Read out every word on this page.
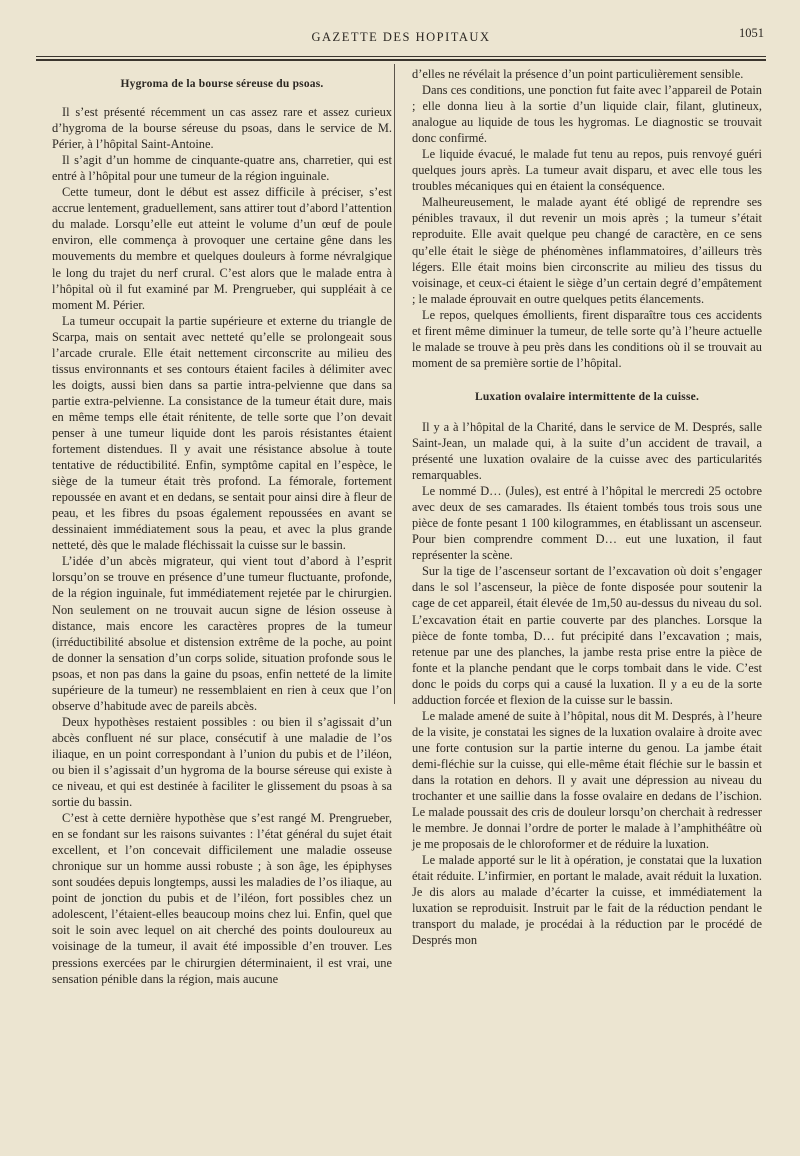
GAZETTE DES HOPITAUX	1051
Hygroma de la bourse séreuse du psoas.

Il s’est présenté récemment un cas assez rare et assez curieux d’hygroma de la bourse séreuse du psoas, dans le service de M. Périer, à l’hôpital Saint-Antoine.

Il s’agit d’un homme de cinquante-quatre ans, charretier, qui est entré à l’hôpital pour une tumeur de la région inguinale.

Cette tumeur, dont le début est assez difficile à préciser, s’est accrue lentement, graduellement, sans attirer tout d’abord l’attention du malade. Lorsqu’elle eut atteint le volume d’un œuf de poule environ, elle commença à provoquer une certaine gêne dans les mouvements du membre et quelques douleurs à forme névralgique le long du trajet du nerf crural. C’est alors que le malade entra à l’hôpital où il fut examiné par M. Prengrueber, qui suppléait à ce moment M. Périer.

La tumeur occupait la partie supérieure et externe du triangle de Scarpa, mais on sentait avec netteté qu’elle se prolongeait sous l’arcade crurale. Elle était nettement circonscrite au milieu des tissus environnants et ses contours étaient faciles à délimiter avec les doigts, aussi bien dans sa partie intra-pelvienne que dans sa partie extra-pelvienne. La consistance de la tumeur était dure, mais en même temps elle était rénitente, de telle sorte que l’on devait penser à une tumeur liquide dont les parois résistantes étaient fortement distendues. Il y avait une résistance absolue à toute tentative de réductibilité. Enfin, symptôme capital en l’espèce, le siège de la tumeur était très profond. La fémorale, fortement repoussée en avant et en dedans, se sentait pour ainsi dire à fleur de peau, et les fibres du psoas également repoussées en avant se dessinaient immédiatement sous la peau, et avec la plus grande netteté, dès que le malade fléchissait la cuisse sur le bassin.

L’idée d’un abcès migrateur, qui vient tout d’abord à l’esprit lorsqu’on se trouve en présence d’une tumeur fluctuante, profonde, de la région inguinale, fut immédiatement rejetée par le chirurgien. Non seulement on ne trouvait aucun signe de lésion osseuse à distance, mais encore les caractères propres de la tumeur (irréductibilité absolue et distension extrême de la poche, au point de donner la sensation d’un corps solide, situation profonde sous le psoas, et non pas dans la gaine du psoas, enfin netteté de la limite supérieure de la tumeur) ne ressemblaient en rien à ceux que l’on observe d’habitude avec de pareils abcès.

Deux hypothèses restaient possibles : ou bien il s’agissait d’un abcès confluent né sur place, consécutif à une maladie de l’os iliaque, en un point correspondant à l’union du pubis et de l’iléon, ou bien il s’agissait d’un hygroma de la bourse séreuse qui existe à ce niveau, et qui est destinée à faciliter le glissement du psoas à sa sortie du bassin.

C’est à cette dernière hypothèse que s’est rangé M. Prengrueber, en se fondant sur les raisons suivantes : l’état général du sujet était excellent, et l’on concevait difficilement une maladie osseuse chronique sur un homme aussi robuste ; à son âge, les épiphyses sont soudées depuis longtemps, aussi les maladies de l’os iliaque, au point de jonction du pubis et de l’iléon, fort possibles chez un adolescent, l’étaient-elles beaucoup moins chez lui. Enfin, quel que soit le soin avec lequel on ait cherché des points douloureux au voisinage de la tumeur, il avait été impossible d’en trouver. Les pressions exercées par le chirurgien déterminaient, il est vrai, une sensation pénible dans la région, mais aucune

d’elles ne révélait la présence d’un point particulièrement sensible.

Dans ces conditions, une ponction fut faite avec l’appareil de Potain ; elle donna lieu à la sortie d’un liquide clair, filant, glutineux, analogue au liquide de tous les hygromas. Le diagnostic se trouvait donc confirmé.

Le liquide évacué, le malade fut tenu au repos, puis renvoyé guéri quelques jours après. La tumeur avait disparu, et avec elle tous les troubles mécaniques qui en étaient la conséquence.

Malheureusement, le malade ayant été obligé de reprendre ses pénibles travaux, il dut revenir un mois après ; la tumeur s’était reproduite. Elle avait quelque peu changé de caractère, en ce sens qu’elle était le siège de phénomènes inflammatoires, d’ailleurs très légers. Elle était moins bien circonscrite au milieu des tissus du voisinage, et ceux-ci étaient le siège d’un certain degré d’empâtement ; le malade éprouvait en outre quelques petits élancements.

Le repos, quelques émollients, firent disparaître tous ces accidents et firent même diminuer la tumeur, de telle sorte qu’à l’heure actuelle le malade se trouve à peu près dans les conditions où il se trouvait au moment de sa première sortie de l’hôpital.

Luxation ovalaire intermittente de la cuisse.

Il y a à l’hôpital de la Charité, dans le service de M. Després, salle Saint-Jean, un malade qui, à la suite d’un accident de travail, a présenté une luxation ovalaire de la cuisse avec des particularités remarquables.

Le nommé D… (Jules), est entré à l’hôpital le mercredi 25 octobre avec deux de ses camarades. Ils étaient tombés tous trois sous une pièce de fonte pesant 1 100 kilogrammes, en établissant un ascenseur. Pour bien comprendre comment D… eut une luxation, il faut représenter la scène.

Sur la tige de l’ascenseur sortant de l’excavation où doit s’engager dans le sol l’ascenseur, la pièce de fonte disposée pour soutenir la cage de cet appareil, était élevée de 1m,50 au-dessus du niveau du sol. L’excavation était en partie couverte par des planches. Lorsque la pièce de fonte tomba, D… fut précipité dans l’excavation ; mais, retenue par une des planches, la jambe resta prise entre la pièce de fonte et la planche pendant que le corps tombait dans le vide. C’est donc le poids du corps qui a causé la luxation. Il y a eu de la sorte adduction forcée et flexion de la cuisse sur le bassin.

Le malade amené de suite à l’hôpital, nous dit M. Després, à l’heure de la visite, je constatai les signes de la luxation ovalaire à droite avec une forte contusion sur la partie interne du genou. La jambe était demi-fléchie sur la cuisse, qui elle-même était fléchie sur le bassin et dans la rotation en dehors. Il y avait une dépression au niveau du trochanter et une saillie dans la fosse ovalaire en dedans de l’ischion. Le malade poussait des cris de douleur lorsqu’on cherchait à redresser le membre. Je donnai l’ordre de porter le malade à l’amphithéâtre où je me proposais de le chloroformer et de réduire la luxation.

Le malade apporté sur le lit à opération, je constatai que la luxation était réduite. L’infirmier, en portant le malade, avait réduit la luxation. Je dis alors au malade d’écarter la cuisse, et immédiatement la luxation se reproduisit. Instruit par le fait de la réduction pendant le transport du malade, je procédai à la réduction par le procédé de Després mon
